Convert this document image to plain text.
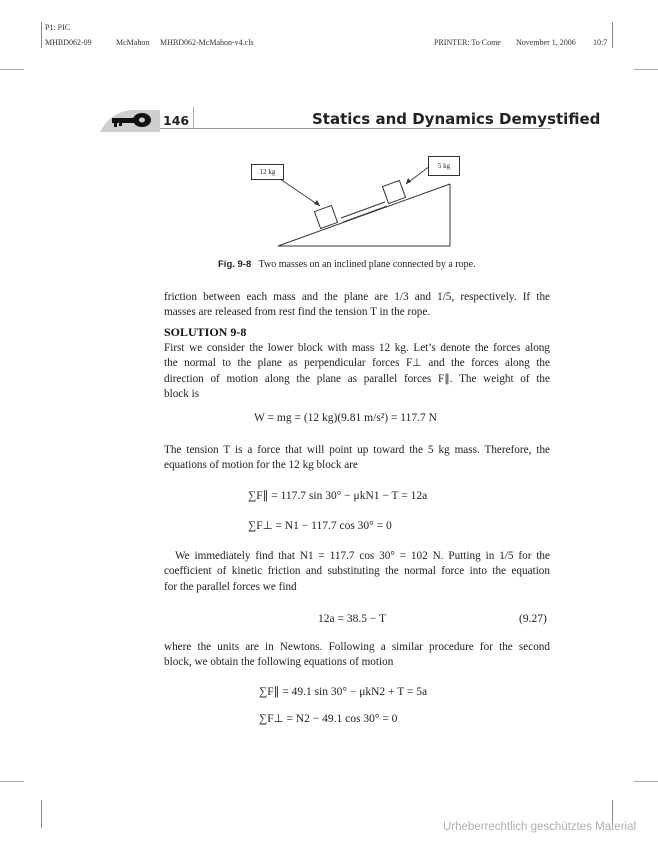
P1: PIC
MHBD062-09	McMahon MHBD062-McMahon-v4.cls	PRINTER: To Come November 1, 2006 10:7
146	Statics and Dynamics Demystified
12 kg
5 kg
Fig. 9-8 Two masses on an inclined plane connected by a rope.
friction between each mass and the plane are 1/3 and 1/5, respectively. If the
masses are released from rest find the tension T in the rope.
SOLUTION 9-8
First we consider the lower block with mass 12 kg. Let’s denote the forces along
the normal to the plane as perpendicular forces F⊥ and the forces along the
direction of motion along the plane as parallel forces F∥. The weight of the
block is
W = mg = (12 kg)(9.81 m/s²) = 117.7 N
The tension T is a force that will point up toward the 5 kg mass. Therefore, the
equations of motion for the 12 kg block are
∑F∥ = 117.7 sin 30° − μkN1 − T = 12a
∑F⊥ = N1 − 117.7 cos 30° = 0
We immediately find that N1 = 117.7 cos 30° = 102 N. Putting in 1/5 for the
coefficient of kinetic friction and substituting the normal force into the equation
for the parallel forces we find
12a = 38.5 − T	(9.27)
where the units are in Newtons. Following a similar procedure for the second
block, we obtain the following equations of motion
∑F∥ = 49.1 sin 30° − μkN2 + T = 5a
∑F⊥ = N2 − 49.1 cos 30° = 0
Urheberrechtlich geschütztes Material
